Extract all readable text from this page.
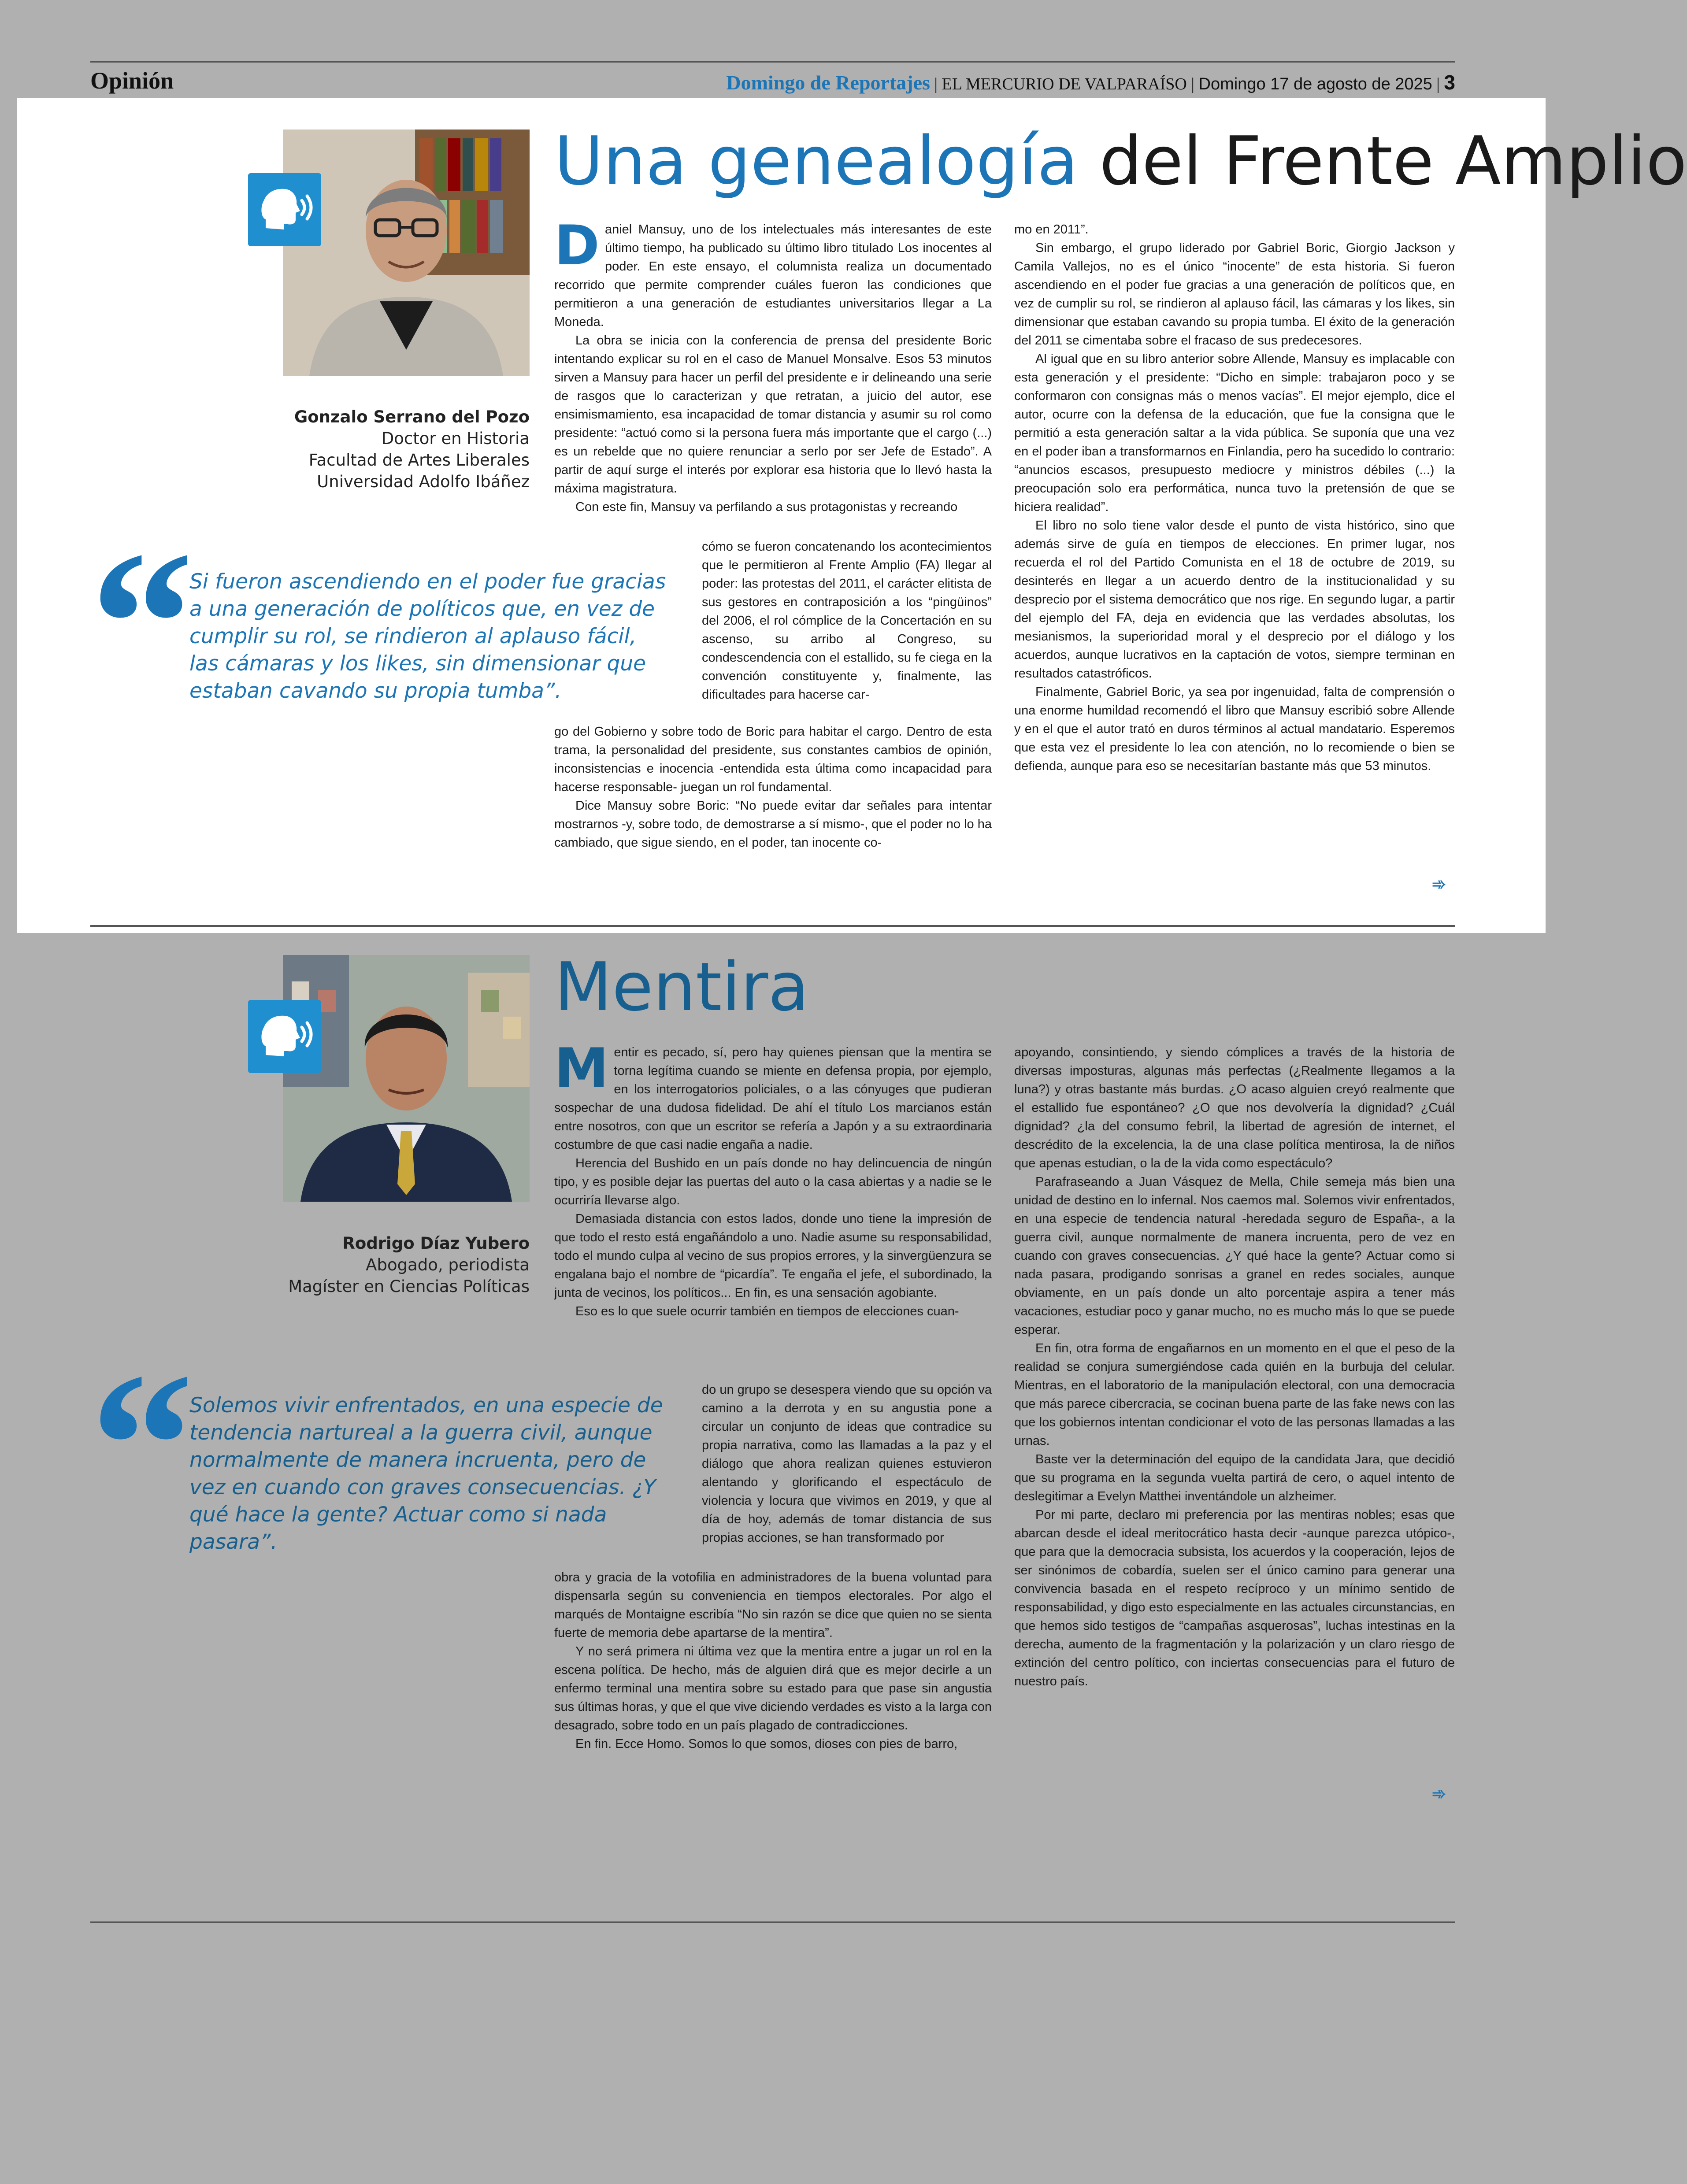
Opinión	Domingo de Reportajes | EL MERCURIO DE VALPARAÍSO | Domingo 17 de agosto de 2025 | 3
Gonzalo Serrano del Pozo
Doctor en Historia
Facultad de Artes Liberales
Universidad Adolfo Ibáñez
“
Si fueron ascendiendo en el poder fue gracias a una generación de políticos que, en vez de cumplir su rol, se rindieron al aplauso fácil, las cámaras y los likes, sin dimensionar que estaban cavando su propia tumba”.
Una genealogía del Frente Amplio

Daniel Mansuy, uno de los intelectuales más interesantes de este último tiempo, ha publicado su último libro titulado Los inocentes al poder. En este ensayo, el columnista realiza un documentado recorrido que permite comprender cuáles fueron las condiciones que permitieron a una generación de estudiantes universitarios llegar a La Moneda.

La obra se inicia con la conferencia de prensa del presidente Boric intentando explicar su rol en el caso de Manuel Monsalve. Esos 53 minutos sirven a Mansuy para hacer un perfil del presidente e ir delineando una serie de rasgos que lo caracterizan y que retratan, a juicio del autor, ese ensimismamiento, esa incapacidad de tomar distancia y asumir su rol como presidente: “actuó como si la persona fuera más importante que el cargo (...) es un rebelde que no quiere renunciar a serlo por ser Jefe de Estado”. A partir de aquí surge el interés por explorar esa historia que lo llevó hasta la máxima magistratura.

Con este fin, Mansuy va perfilando a sus protagonistas y recreando

cómo se fueron concatenando los acontecimientos que le permitieron al Frente Amplio (FA) llegar al poder: las protestas del 2011, el carácter elitista de sus gestores en contraposición a los “pingüinos” del 2006, el rol cómplice de la Concertación en su ascenso, su arribo al Congreso, su condescendencia con el estallido, su fe ciega en la convención constituyente y, finalmente, las dificultades para hacerse car-

go del Gobierno y sobre todo de Boric para habitar el cargo. Dentro de esta trama, la personalidad del presidente, sus constantes cambios de opinión, inconsistencias e inocencia -entendida esta última como incapacidad para hacerse responsable- juegan un rol fundamental.

Dice Mansuy sobre Boric: “No puede evitar dar señales para intentar mostrarnos -y, sobre todo, de demostrarse a sí mismo-, que el poder no lo ha cambiado, que sigue siendo, en el poder, tan inocente co-

mo en 2011”.

Sin embargo, el grupo liderado por Gabriel Boric, Giorgio Jackson y Camila Vallejos, no es el único “inocente” de esta historia. Si fueron ascendiendo en el poder fue gracias a una generación de políticos que, en vez de cumplir su rol, se rindieron al aplauso fácil, las cámaras y los likes, sin dimensionar que estaban cavando su propia tumba. El éxito de la generación del 2011 se cimentaba sobre el fracaso de sus predecesores.

Al igual que en su libro anterior sobre Allende, Mansuy es implacable con esta generación y el presidente: “Dicho en simple: trabajaron poco y se conformaron con consignas más o menos vacías”. El mejor ejemplo, dice el autor, ocurre con la defensa de la educación, que fue la consigna que le permitió a esta generación saltar a la vida pública. Se suponía que una vez en el poder iban a transformarnos en Finlandia, pero ha sucedido lo contrario: “anuncios escasos, presupuesto mediocre y ministros débiles (...) la preocupación solo era performática, nunca tuvo la pretensión de que se hiciera realidad”.

El libro no solo tiene valor desde el punto de vista histórico, sino que además sirve de guía en tiempos de elecciones. En primer lugar, nos recuerda el rol del Partido Comunista en el 18 de octubre de 2019, su desinterés en llegar a un acuerdo dentro de la institucionalidad y su desprecio por el sistema democrático que nos rige. En segundo lugar, a partir del ejemplo del FA, deja en evidencia que las verdades absolutas, los mesianismos, la superioridad moral y el desprecio por el diálogo y los acuerdos, aunque lucrativos en la captación de votos, siempre terminan en resultados catastróficos.

Finalmente, Gabriel Boric, ya sea por ingenuidad, falta de comprensión o una enorme humildad recomendó el libro que Mansuy escribió sobre Allende y en el que el autor trató en duros términos al actual mandatario. Esperemos que esta vez el presidente lo lea con atención, no lo recomiende o bien se defienda, aunque para eso se necesitarían bastante más que 53 minutos.

➾
Rodrigo Díaz Yubero
Abogado, periodista
Magíster en Ciencias Políticas
“
Solemos vivir enfrentados, en una especie de tendencia nartureal a la guerra civil, aunque normalmente de manera incruenta, pero de vez en cuando con graves consecuencias. ¿Y qué hace la gente? Actuar como si nada pasara”.
Mentira

Mentir es pecado, sí, pero hay quienes piensan que la mentira se torna legítima cuando se miente en defensa propia, por ejemplo, en los interrogatorios policiales, o a las cónyuges que pudieran sospechar de una dudosa fidelidad. De ahí el título Los marcianos están entre nosotros, con que un escritor se refería a Japón y a su extraordinaria costumbre de que casi nadie engaña a nadie.

Herencia del Bushido en un país donde no hay delincuencia de ningún tipo, y es posible dejar las puertas del auto o la casa abiertas y a nadie se le ocurriría llevarse algo.

Demasiada distancia con estos lados, donde uno tiene la impresión de que todo el resto está engañándolo a uno. Nadie asume su responsabilidad, todo el mundo culpa al vecino de sus propios errores, y la sinvergüenzura se engalana bajo el nombre de “picardía”. Te engaña el jefe, el subordinado, la junta de vecinos, los políticos... En fin, es una sensación agobiante.

Eso es lo que suele ocurrir también en tiempos de elecciones cuan-

do un grupo se desespera viendo que su opción va camino a la derrota y en su angustia pone a circular un conjunto de ideas que contradice su propia narrativa, como las llamadas a la paz y el diálogo que ahora realizan quienes estuvieron alentando y glorificando el espectáculo de violencia y locura que vivimos en 2019, y que al día de hoy, además de tomar distancia de sus propias acciones, se han transformado por

obra y gracia de la votofilia en administradores de la buena voluntad para dispensarla según su conveniencia en tiempos electorales. Por algo el marqués de Montaigne escribía “No sin razón se dice que quien no se sienta fuerte de memoria debe apartarse de la mentira”.

Y no será primera ni última vez que la mentira entre a jugar un rol en la escena política. De hecho, más de alguien dirá que es mejor decirle a un enfermo terminal una mentira sobre su estado para que pase sin angustia sus últimas horas, y que el que vive diciendo verdades es visto a la larga con desagrado, sobre todo en un país plagado de contradicciones.

En fin. Ecce Homo. Somos lo que somos, dioses con pies de barro,

apoyando, consintiendo, y siendo cómplices a través de la historia de diversas imposturas, algunas más perfectas (¿Realmente llegamos a la luna?) y otras bastante más burdas. ¿O acaso alguien creyó realmente que el estallido fue espontáneo? ¿O que nos devolvería la dignidad? ¿Cuál dignidad? ¿la del consumo febril, la libertad de agresión de internet, el descrédito de la excelencia, la de una clase política mentirosa, la de niños que apenas estudian, o la de la vida como espectáculo?

Parafraseando a Juan Vásquez de Mella, Chile semeja más bien una unidad de destino en lo infernal. Nos caemos mal. Solemos vivir enfrentados, en una especie de tendencia natural -heredada seguro de España-, a la guerra civil, aunque normalmente de manera incruenta, pero de vez en cuando con graves consecuencias. ¿Y qué hace la gente? Actuar como si nada pasara, prodigando sonrisas a granel en redes sociales, aunque obviamente, en un país donde un alto porcentaje aspira a tener más vacaciones, estudiar poco y ganar mucho, no es mucho más lo que se puede esperar.

En fin, otra forma de engañarnos en un momento en el que el peso de la realidad se conjura sumergiéndose cada quién en la burbuja del celular. Mientras, en el laboratorio de la manipulación electoral, con una democracia que más parece cibercracia, se cocinan buena parte de las fake news con las que los gobiernos intentan condicionar el voto de las personas llamadas a las urnas.

Baste ver la determinación del equipo de la candidata Jara, que decidió que su programa en la segunda vuelta partirá de cero, o aquel intento de deslegitimar a Evelyn Matthei inventándole un alzheimer.

Por mi parte, declaro mi preferencia por las mentiras nobles; esas que abarcan desde el ideal meritocrático hasta decir -aunque parezca utópico-, que para que la democracia subsista, los acuerdos y la cooperación, lejos de ser sinónimos de cobardía, suelen ser el único camino para generar una convivencia basada en el respeto recíproco y un mínimo sentido de responsabilidad, y digo esto especialmente en las actuales circunstancias, en que hemos sido testigos de “campañas asquerosas”, luchas intestinas en la derecha, aumento de la fragmentación y la polarización y un claro riesgo de extinción del centro político, con inciertas consecuencias para el futuro de nuestro país.

➾
